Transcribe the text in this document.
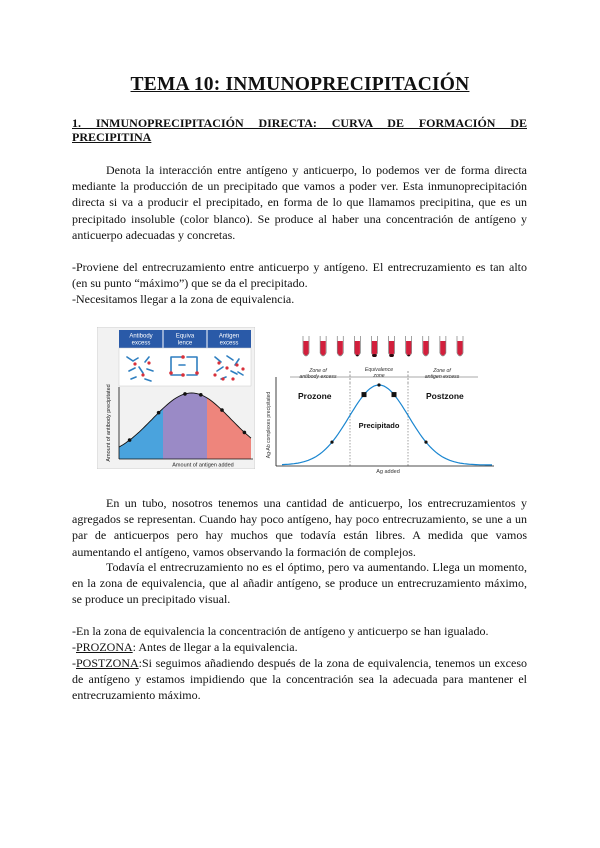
TEMA 10: INMUNOPRECIPITACIÓN
1. INMUNOPRECIPITACIÓN DIRECTA: CURVA DE FORMACIÓN DE
PRECIPITINA

Denota la interacción entre antígeno y anticuerpo, lo podemos ver de forma directa mediante la producción de un precipitado que vamos a poder ver. Esta inmunoprecipitación directa si va a producir el precipitado, en forma de lo que llamamos precipitina, que es un precipitado insoluble (color blanco). Se produce al haber una concentración de antígeno y anticuerpo adecuadas y concretas.

-Proviene del entrecruzamiento entre anticuerpo y antígeno. El entrecruzamiento es tan alto (en su punto “máximo”) que se da el precipitado.

-Necesitamos llegar a la zona de equivalencia.

Antibody
excess
Equiva
lence
Antigen
excess
Amount of antibody precipitated
Amount of antigen added
Zone of
antibody excess
Equivalence
zone
Zone of
antigen excess
Prozone	Postzone
Precipitado
Ag-Ab complexes precipitated
Ag added

En un tubo, nosotros tenemos una cantidad de anticuerpo, los entrecruzamientos y agregados se representan. Cuando hay poco antígeno, hay poco entrecruzamiento, se une a un par de anticuerpos pero hay muchos que todavía están libres. A medida que vamos aumentando el antígeno, vamos observando la formación de complejos.

Todavía el entrecruzamiento no es el óptimo, pero va aumentando. Llega un momento, en la zona de equivalencia, que al añadir antígeno, se produce un entrecruzamiento máximo, se produce un precipitado visual.

-En la zona de equivalencia la concentración de antígeno y anticuerpo se han igualado.

-PROZONA: Antes de llegar a la equivalencia.

-POSTZONA:Si seguimos añadiendo después de la zona de equivalencia, tenemos un exceso de antígeno y estamos impidiendo que la concentración sea la adecuada para mantener el entrecruzamiento máximo.
